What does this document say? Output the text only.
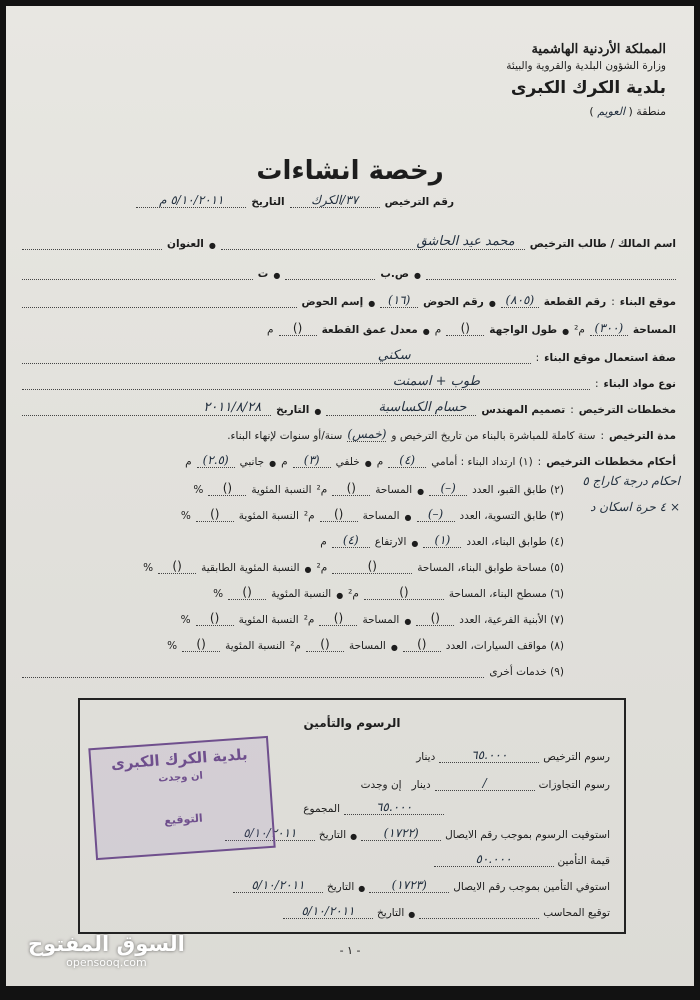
المملكة الأردنية الهاشمية
وزارة الشؤون البلدية والقروية والبيئة
بلدية الكرك الكبرى
منطقة ( العويم )
رخصة انشاءات
رقم الترخيص
٣٧/الكرك
التاريخ
٥/١٠/٢٠١١ م
اسم المالك / طالب الترخيص
محمد عيد الحاشق
●
العنوان
●
ص.ب
●
ت
موقع البناء
:
رقم القطعة
( ٨٠٥ )
●
رقم الحوض
( ١٦ )
●
إسم الحوض
المساحة
( ٣٠٠ )
م²
●
طول الواجهة
( )
م
●
معدل عمق القطعة
( )
م
صفة استعمال موقع البناء
:
سكني
نوع مواد البناء
:
طوب + اسمنت
مخططات الترخيص
:
تصميم المهندس
حسام الكساسبة
●
التاريخ
٢٠١١/٨/٢٨
مدة الترخيص
:
سنة كاملة للمباشرة بالبناء من تاريخ الترخيص و
( خمس )
سنة/أو سنوات لإنهاء البناء.
أحكام مخططات الترخيص
:
(١) ارتداد البناء : أمامي
( ٤ )
م
●
خلفي
( ٣ )
م
●
جانبي
( ٢.٥ )
م
(٢) طابق القبو، العدد
( – )
●
المساحة
( )
م²
النسبة المئوية
( )
%
(٣) طابق التسوية، العدد
( – )
●
المساحة
( )
م²
النسبة المئوية
( )
%
(٤) طوابق البناء، العدد
( ١ )
●
الارتفاع
( ٤ )
م
(٥) مساحة طوابق البناء، المساحة
( )
م²
●
النسبة المئوية الطابقية
( )
%
(٦) مسطح البناء، المساحة
( )
م²
●
النسبة المئوية
( )
%
(٧) الأبنية الفرعية، العدد
( )
●
المساحة
( )
م²
النسبة المئوية
( )
%
(٨) مواقف السيارات، العدد
( )
●
المساحة
( )
م²
النسبة المئوية
( )
%
(٩) خدمات أخرى
احكام درجة كاراج ٥ × ٤ حرة اسكان د
الرسوم والتأمين
رسوم الترخيص
٦٥.٠٠٠
دينار
رسوم التجاوزات
/
دينار
إن وجدت
٦٥.٠٠٠
المجموع
استوفيت الرسوم بموجب رقم الايصال
( ١٧٢٢ )
●
التاريخ
٥/١٠/٢٠١١
قيمة التأمين
٥٠.٠٠٠
استوفي التأمين بموجب رقم الايصال
( ١٧٢٣ )
●
التاريخ
٥/١٠/٢٠١١
توقيع المحاسب
●
التاريخ
٥/١٠/٢٠١١
بلدية الكرك الكبرى
ان وجدت
التوقيع
- ١ -
السوق المفتوح
opensooq.com
